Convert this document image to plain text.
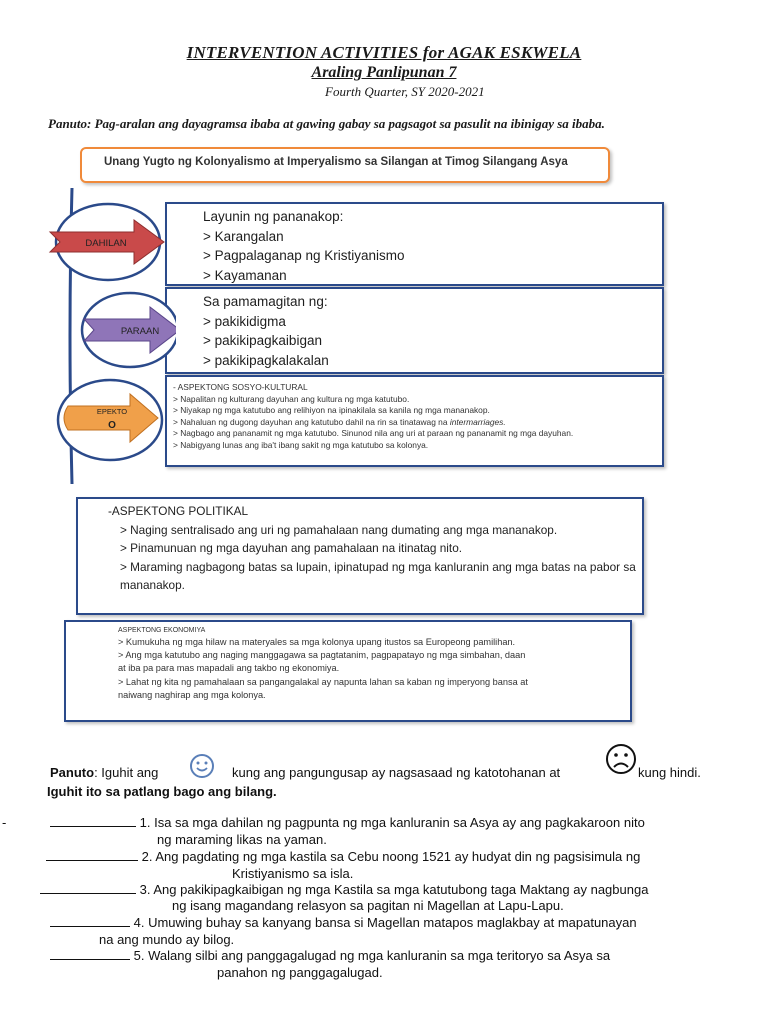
INTERVENTION ACTIVITIES for AGAK ESKWELA
Araling Panlipunan 7
Fourth Quarter, SY 2020-2021
Panuto: Pag-aralan ang dayagramsa ibaba at gawing gabay sa pagsagot sa pasulit na ibinigay sa ibaba.
Unang Yugto ng Kolonyalismo at Imperyalismo sa Silangan at Timog Silangang Asya
Layunin ng pananakop:
> Karangalan
> Pagpalaganap ng Kristiyanismo
> Kayamanan
Sa pamamagitan ng:
> pakikidigma
> pakikipagkaibigan
> pakikipagkalakalan
- ASPEKTONG SOSYO-KULTURAL
> Napalitan ng kulturang dayuhan ang kultura ng mga katutubo.
> Niyakap ng mga katutubo ang relihiyon na ipinakilala sa kanila ng mga mananakop.
> Nahaluan ng dugong dayuhan ang katutubo dahil na rin sa tinatawag na intermarriages.
> Nagbago ang pananamit ng mga katutubo. Sinunod nila ang uri at paraan ng pananamit ng mga dayuhan.
> Nabigyang lunas ang iba't ibang sakit ng mga katutubo sa kolonya.
DAHILAN
PARAAN
EPEKTO
O
-ASPEKTONG POLITIKAL
> Naging sentralisado ang uri ng pamahalaan nang dumating ang mga mananakop.
> Pinamunuan ng mga dayuhan ang pamahalaan na itinatag nito.
> Maraming nagbagong batas sa lupain, ipinatupad ng mga kanluranin ang mga batas na pabor sa
mananakop.
ASPEKTONG EKONOMIYA
> Kumukuha ng mga hilaw na materyales sa mga kolonya upang itustos sa Europeong pamilihan.
> Ang mga katutubo ang naging manggagawa sa pagtatanim, pagpapatayo ng mga simbahan, daan
at iba pa para mas mapadali ang takbo ng ekonomiya.
> Lahat ng kita ng pamahalaan sa pangangalakal ay napunta lahan sa kaban ng imperyong bansa at
naiwang naghirap ang mga kolonya.
Panuto: Iguhit ang	kung ang pangungusap ay nagsasaad ng katotohanan at	kung hindi.
Iguhit ito sa patlang bago ang bilang.
-	1. Isa sa mga dahilan ng pagpunta ng mga kanluranin sa Asya ay ang pagkakaroon nito
ng maraming likas na yaman.
2. Ang pagdating ng mga kastila sa Cebu noong 1521 ay hudyat din ng pagsisimula ng
Kristiyanismo sa isla.
3. Ang pakikipagkaibigan ng mga Kastila sa mga katutubong taga Maktang ay nagbunga
ng isang magandang relasyon sa pagitan ni Magellan at Lapu-Lapu.
4. Umuwing buhay sa kanyang bansa si Magellan matapos maglakbay at mapatunayan
na ang mundo ay bilog.
5. Walang silbi ang panggagalugad ng mga kanluranin sa mga teritoryo sa Asya sa
panahon ng panggagalugad.
